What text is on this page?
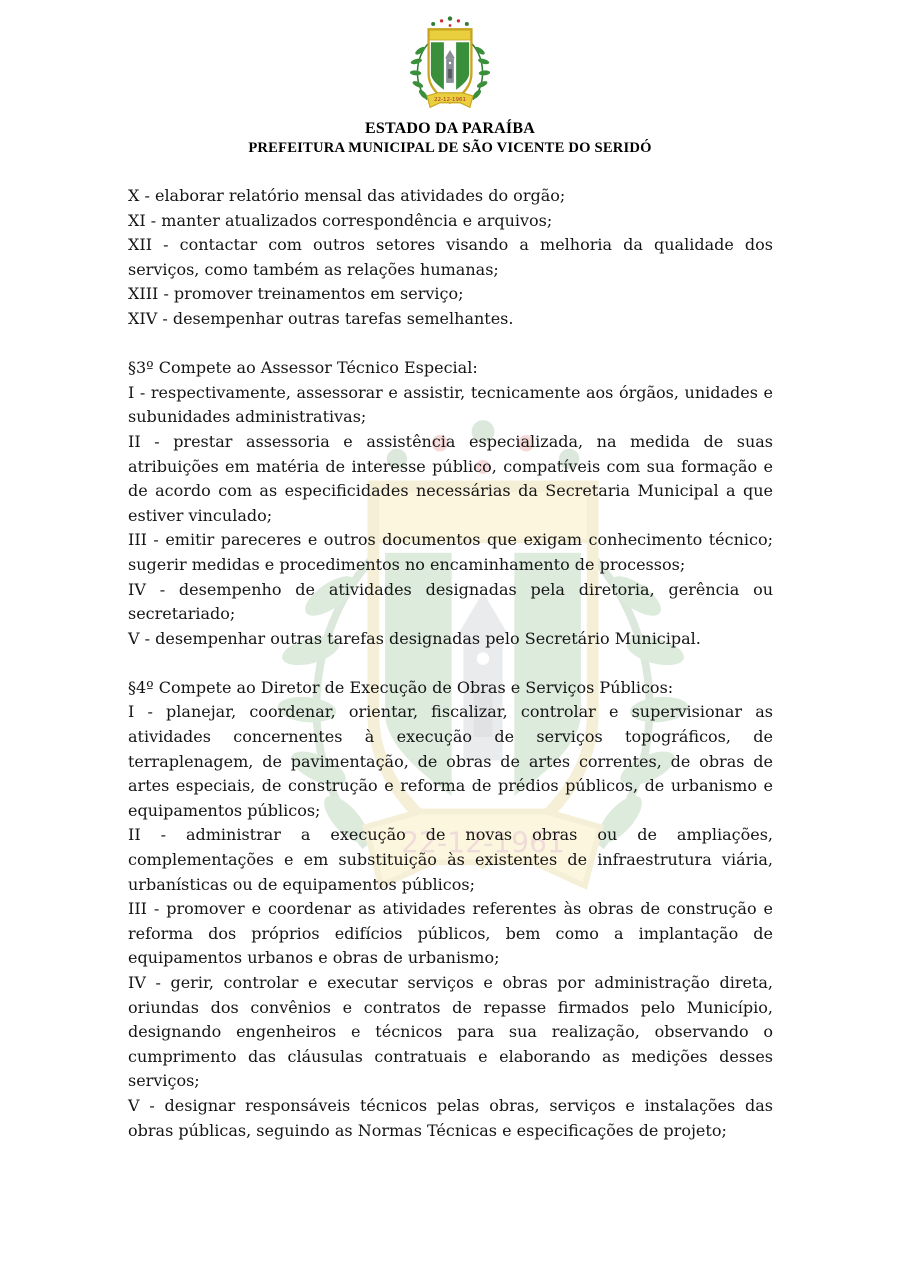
ESTADO DA PARAÍBA
PREFEITURA MUNICIPAL DE SÃO VICENTE DO SERIDÓ

X - elaborar relatório mensal das atividades do orgão;

XI - manter atualizados correspondência e arquivos;

XII - contactar com outros setores visando a melhoria da qualidade dos serviços, como também as relações humanas;

XIII - promover treinamentos em serviço;

XIV - desempenhar outras tarefas semelhantes.

§3º Compete ao Assessor Técnico Especial:

I - respectivamente, assessorar e assistir, tecnicamente aos órgãos, unidades e subunidades administrativas;

II - prestar assessoria e assistência especializada, na medida de suas atribuições em matéria de interesse público, compatíveis com sua formação e de acordo com as especificidades necessárias da Secretaria Municipal a que estiver vinculado;

III - emitir pareceres e outros documentos que exigam conhecimento técnico; sugerir medidas e procedimentos no encaminhamento de processos;

IV - desempenho de atividades designadas pela diretoria, gerência ou secretariado;

V - desempenhar outras tarefas designadas pelo Secretário Municipal.

§4º Compete ao Diretor de Execução de Obras e Serviços Públicos:

I - planejar, coordenar, orientar, fiscalizar, controlar e supervisionar as atividades concernentes à execução de serviços topográficos, de terraplenagem, de pavimentação, de obras de artes correntes, de obras de artes especiais, de construção e reforma de prédios públicos, de urbanismo e equipamentos públicos;

II - administrar a execução de novas obras ou de ampliações, complementações e em substituição às existentes de infraestrutura viária, urbanísticas ou de equipamentos públicos;

III - promover e coordenar as atividades referentes às obras de construção e reforma dos próprios edifícios públicos, bem como a implantação de equipamentos urbanos e obras de urbanismo;

IV - gerir, controlar e executar serviços e obras por administração direta, oriundas dos convênios e contratos de repasse firmados pelo Município, designando engenheiros e técnicos para sua realização, observando o cumprimento das cláusulas contratuais e elaborando as medições desses serviços;

V - designar responsáveis técnicos pelas obras, serviços e instalações das obras públicas, seguindo as Normas Técnicas e especificações de projeto;
